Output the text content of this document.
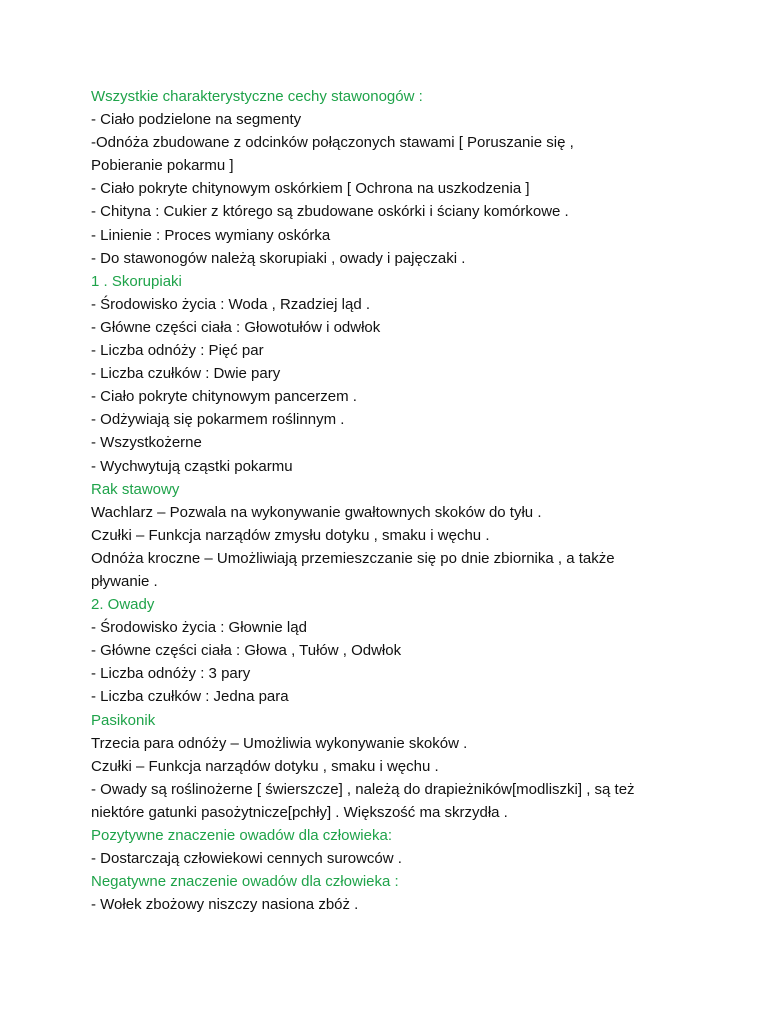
Wszystkie charakterystyczne cechy stawonogów :
- Ciało podzielone na segmenty
-Odnóża zbudowane z odcinków połączonych stawami [ Poruszanie się ,
Pobieranie pokarmu ]
- Ciało pokryte chitynowym oskórkiem [ Ochrona na uszkodzenia ]
- Chityna : Cukier z którego są zbudowane oskórki i ściany komórkowe .
- Linienie : Proces wymiany oskórka
- Do stawonogów należą skorupiaki , owady i pajęczaki .
1 . Skorupiaki
- Środowisko życia : Woda , Rzadziej ląd .
- Główne części ciała : Głowotułów i odwłok
- Liczba odnóży : Pięć par
- Liczba czułków : Dwie pary
- Ciało pokryte chitynowym pancerzem .
- Odżywiają się pokarmem roślinnym .
- Wszystkożerne
- Wychwytują cząstki pokarmu
Rak stawowy
Wachlarz – Pozwala na wykonywanie gwałtownych skoków do tyłu .
Czułki – Funkcja narządów zmysłu dotyku , smaku i węchu .
Odnóża kroczne – Umożliwiają przemieszczanie się po dnie zbiornika , a także
pływanie .
2. Owady
- Środowisko życia : Głownie ląd
- Główne części ciała : Głowa , Tułów , Odwłok
- Liczba odnóży : 3 pary
- Liczba czułków : Jedna para
Pasikonik
Trzecia para odnóży – Umożliwia wykonywanie skoków .
Czułki – Funkcja narządów dotyku , smaku i węchu .
- Owady są roślinożerne [ świerszcze] , należą do drapieżników[modliszki] , są też
niektóre gatunki pasożytnicze[pchły] . Większość ma skrzydła .
Pozytywne znaczenie owadów dla człowieka:
- Dostarczają człowiekowi cennych surowców .
Negatywne znaczenie owadów dla człowieka :
- Wołek zbożowy niszczy nasiona zbóż .
